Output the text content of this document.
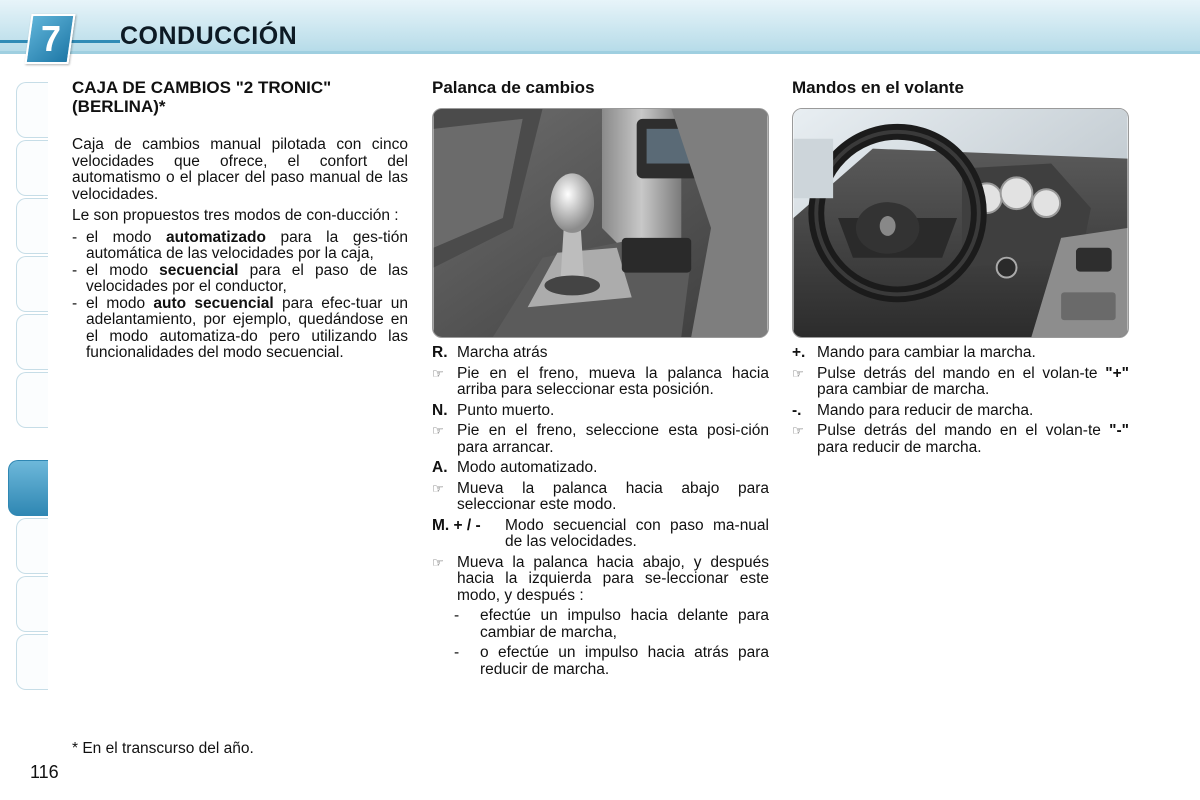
7 CONDUCCIÓN
CAJA DE CAMBIOS "2 TRONIC"
(BERLINA)*

Caja de cambios manual pilotada con cinco velocidades que ofrece, el confort del automatismo o el placer del paso manual de las velocidades.

Le son propuestos tres modos de con-ducción :

- el modo automatizado para la ges-tión automática de las velocidades por la caja,
- el modo secuencial para el paso de las velocidades por el conductor,
- el modo auto secuencial para efec-tuar un adelantamiento, por ejemplo, quedándose en el modo automatiza-do pero utilizando las funcionalidades del modo secuencial.
Palanca de cambios
R. Marcha atrás
☞ Pie en el freno, mueva la palanca hacia arriba para seleccionar esta posición.
N. Punto muerto.
☞ Pie en el freno, seleccione esta posi-ción para arrancar.
A. Modo automatizado.
☞ Mueva la palanca hacia abajo para seleccionar este modo.
M. + / - Modo secuencial con paso ma-nual de las velocidades.
☞ Mueva la palanca hacia abajo, y después hacia la izquierda para se-leccionar este modo, y después :
- efectúe un impulso hacia delante para cambiar de marcha,
- o efectúe un impulso hacia atrás para reducir de marcha.
Mandos en el volante
+. Mando para cambiar la marcha.
☞ Pulse detrás del mando en el volan-te "+" para cambiar de marcha.
-. Mando para reducir de marcha.
☞ Pulse detrás del mando en el volan-te "-" para reducir de marcha.
* En el transcurso del año.
116
